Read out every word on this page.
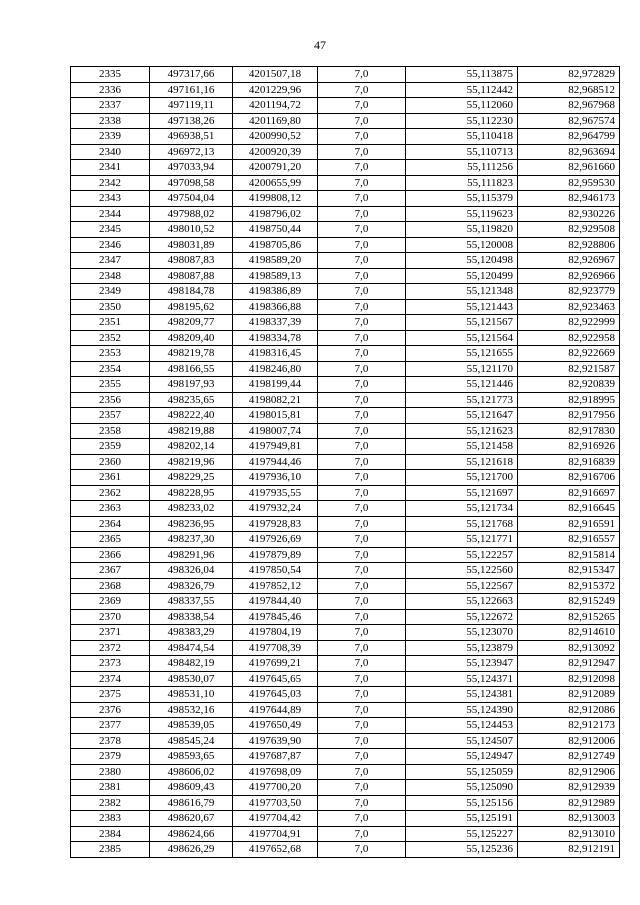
47
2335	497317,66	4201507,18	7,0	55,113875	82,972829
2336	497161,16	4201229,96	7,0	55,112442	82,968512
2337	497119,11	4201194,72	7,0	55,112060	82,967968
2338	497138,26	4201169,80	7,0	55,112230	82,967574
2339	496938,51	4200990,52	7,0	55,110418	82,964799
2340	496972,13	4200920,39	7,0	55,110713	82,963694
2341	497033,94	4200791,20	7,0	55,111256	82,961660
2342	497098,58	4200655,99	7,0	55,111823	82,959530
2343	497504,04	4199808,12	7,0	55,115379	82,946173
2344	497988,02	4198796,02	7,0	55,119623	82,930226
2345	498010,52	4198750,44	7,0	55,119820	82,929508
2346	498031,89	4198705,86	7,0	55,120008	82,928806
2347	498087,83	4198589,20	7,0	55,120498	82,926967
2348	498087,88	4198589,13	7,0	55,120499	82,926966
2349	498184,78	4198386,89	7,0	55,121348	82,923779
2350	498195,62	4198366,88	7,0	55,121443	82,923463
2351	498209,77	4198337,39	7,0	55,121567	82,922999
2352	498209,40	4198334,78	7,0	55,121564	82,922958
2353	498219,78	4198316,45	7,0	55,121655	82,922669
2354	498166,55	4198246,80	7,0	55,121170	82,921587
2355	498197,93	4198199,44	7,0	55,121446	82,920839
2356	498235,65	4198082,21	7,0	55,121773	82,918995
2357	498222,40	4198015,81	7,0	55,121647	82,917956
2358	498219,88	4198007,74	7,0	55,121623	82,917830
2359	498202,14	4197949,81	7,0	55,121458	82,916926
2360	498219,96	4197944,46	7,0	55,121618	82,916839
2361	498229,25	4197936,10	7,0	55,121700	82,916706
2362	498228,95	4197935,55	7,0	55,121697	82,916697
2363	498233,02	4197932,24	7,0	55,121734	82,916645
2364	498236,95	4197928,83	7,0	55,121768	82,916591
2365	498237,30	4197926,69	7,0	55,121771	82,916557
2366	498291,96	4197879,89	7,0	55,122257	82,915814
2367	498326,04	4197850,54	7,0	55,122560	82,915347
2368	498326,79	4197852,12	7,0	55,122567	82,915372
2369	498337,55	4197844,40	7,0	55,122663	82,915249
2370	498338,54	4197845,46	7,0	55,122672	82,915265
2371	498383,29	4197804,19	7,0	55,123070	82,914610
2372	498474,54	4197708,39	7,0	55,123879	82,913092
2373	498482,19	4197699,21	7,0	55,123947	82,912947
2374	498530,07	4197645,65	7,0	55,124371	82,912098
2375	498531,10	4197645,03	7,0	55,124381	82,912089
2376	498532,16	4197644,89	7,0	55,124390	82,912086
2377	498539,05	4197650,49	7,0	55,124453	82,912173
2378	498545,24	4197639,90	7,0	55,124507	82,912006
2379	498593,65	4197687,87	7,0	55,124947	82,912749
2380	498606,02	4197698,09	7,0	55,125059	82,912906
2381	498609,43	4197700,20	7,0	55,125090	82,912939
2382	498616,79	4197703,50	7,0	55,125156	82,912989
2383	498620,67	4197704,42	7,0	55,125191	82,913003
2384	498624,66	4197704,91	7,0	55,125227	82,913010
2385	498626,29	4197652,68	7,0	55,125236	82,912191
